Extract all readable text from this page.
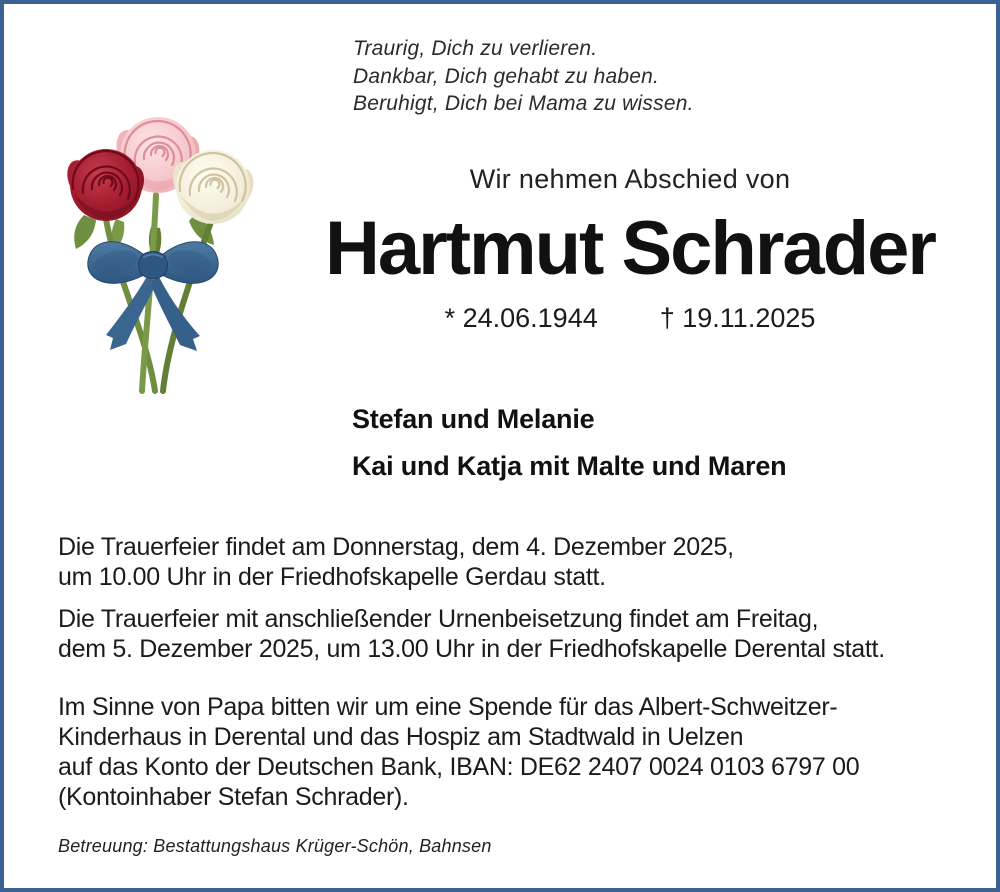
Traurig, Dich zu verlieren.
Dankbar, Dich gehabt zu haben.
Beruhigt, Dich bei Mama zu wissen.
Wir nehmen Abschied von
Hartmut Schrader
* 24.06.1944 † 19.11.2025
Stefan und Melanie
Kai und Katja mit Malte und Maren
Die Trauerfeier findet am Donnerstag, dem 4. Dezember 2025,
um 10.00 Uhr in der Friedhofskapelle Gerdau statt.
Die Trauerfeier mit anschließender Urnenbeisetzung findet am Freitag,
dem 5. Dezember 2025, um 13.00 Uhr in der Friedhofskapelle Derental statt.
Im Sinne von Papa bitten wir um eine Spende für das Albert-Schweitzer-
Kinderhaus in Derental und das Hospiz am Stadtwald in Uelzen
auf das Konto der Deutschen Bank, IBAN: DE62 2407 0024 0103 6797 00
(Kontoinhaber Stefan Schrader).
Betreuung: Bestattungshaus Krüger-Schön, Bahnsen
